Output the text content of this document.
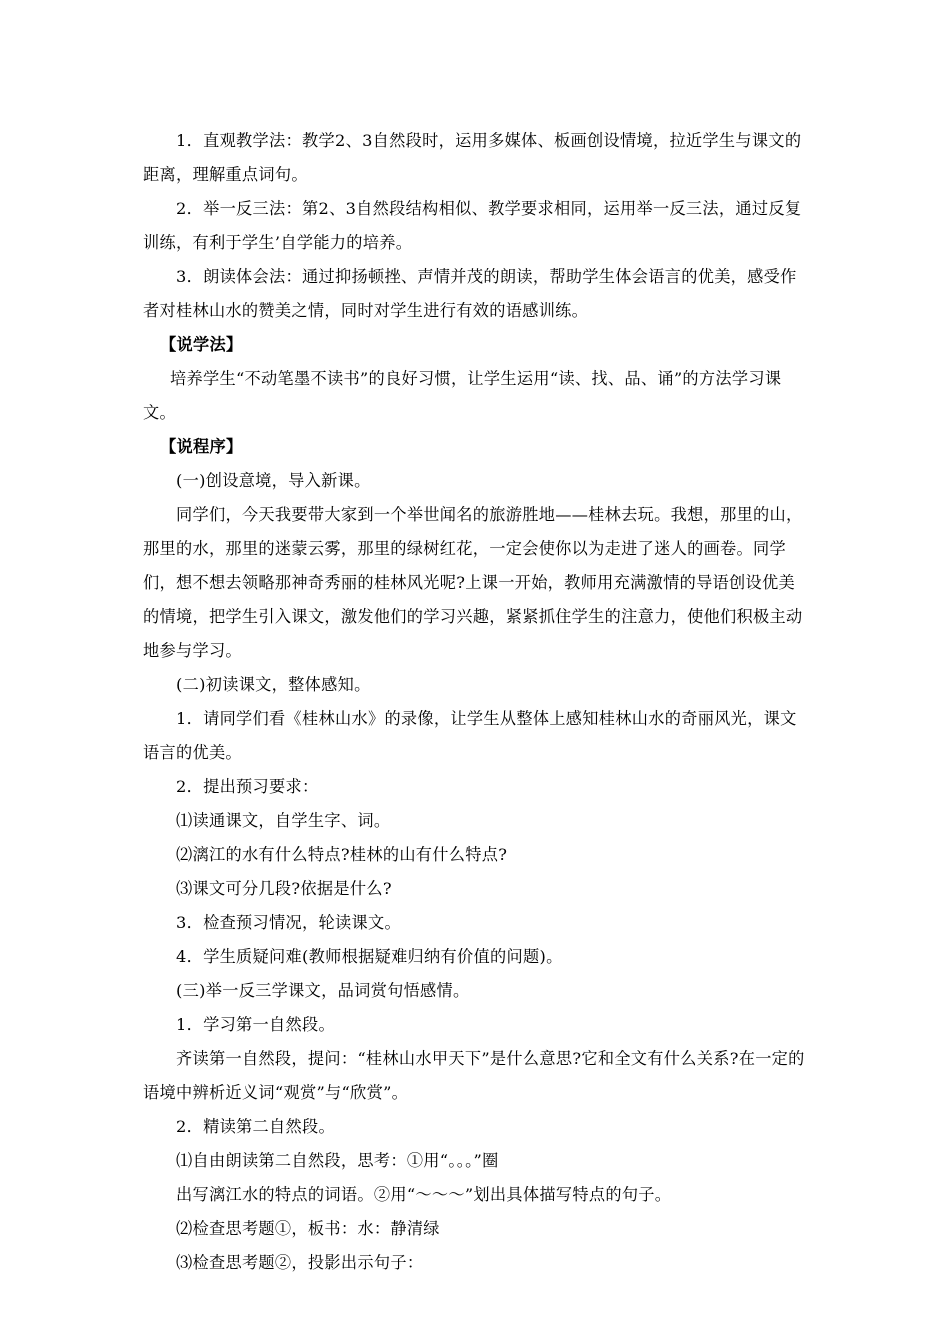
1．直观教学法：教学2、3自然段时，运用多媒体、板画创设情境，拉近学生与课文的距离，理解重点词句。

2．举一反三法：第2、3自然段结构相似、教学要求相同，运用举一反三法，通过反复训练，有利于学生’自学能力的培养。

3．朗读体会法：通过抑扬顿挫、声情并茂的朗读，帮助学生体会语言的优美，感受作者对桂林山水的赞美之情，同时对学生进行有效的语感训练。

【说学法】

培养学生“不动笔墨不读书”的良好习惯，让学生运用“读、找、品、诵”的方法学习课文。

【说程序】

(一)创设意境，导入新课。

同学们，今天我要带大家到一个举世闻名的旅游胜地——桂林去玩。我想，那里的山，那里的水，那里的迷蒙云雾，那里的绿树红花，一定会使你以为走进了迷人的画卷。同学们，想不想去领略那神奇秀丽的桂林风光呢?上课一开始，教师用充满激情的导语创设优美的情境，把学生引入课文，激发他们的学习兴趣，紧紧抓住学生的注意力，使他们积极主动地参与学习。

(二)初读课文，整体感知。

1．请同学们看《桂林山水》的录像，让学生从整体上感知桂林山水的奇丽风光，课文语言的优美。

2．提出预习要求：

⑴读通课文，自学生字、词。

⑵漓江的水有什么特点?桂林的山有什么特点?

⑶课文可分几段?依据是什么?

3．检查预习情况，轮读课文。

4．学生质疑问难(教师根据疑难归纳有价值的问题)。

(三)举一反三学课文，品词赏句悟感情。

1．学习第一自然段。

齐读第一自然段，提问：“桂林山水甲天下”是什么意思?它和全文有什么关系?在一定的语境中辨析近义词“观赏”与“欣赏”。

2．精读第二自然段。

⑴自由朗读第二自然段，思考：①用“。。。”圈

出写漓江水的特点的词语。②用“～～～”划出具体描写特点的句子。

⑵检查思考题①，板书：水：静清绿

⑶检查思考题②，投影出示句子：
